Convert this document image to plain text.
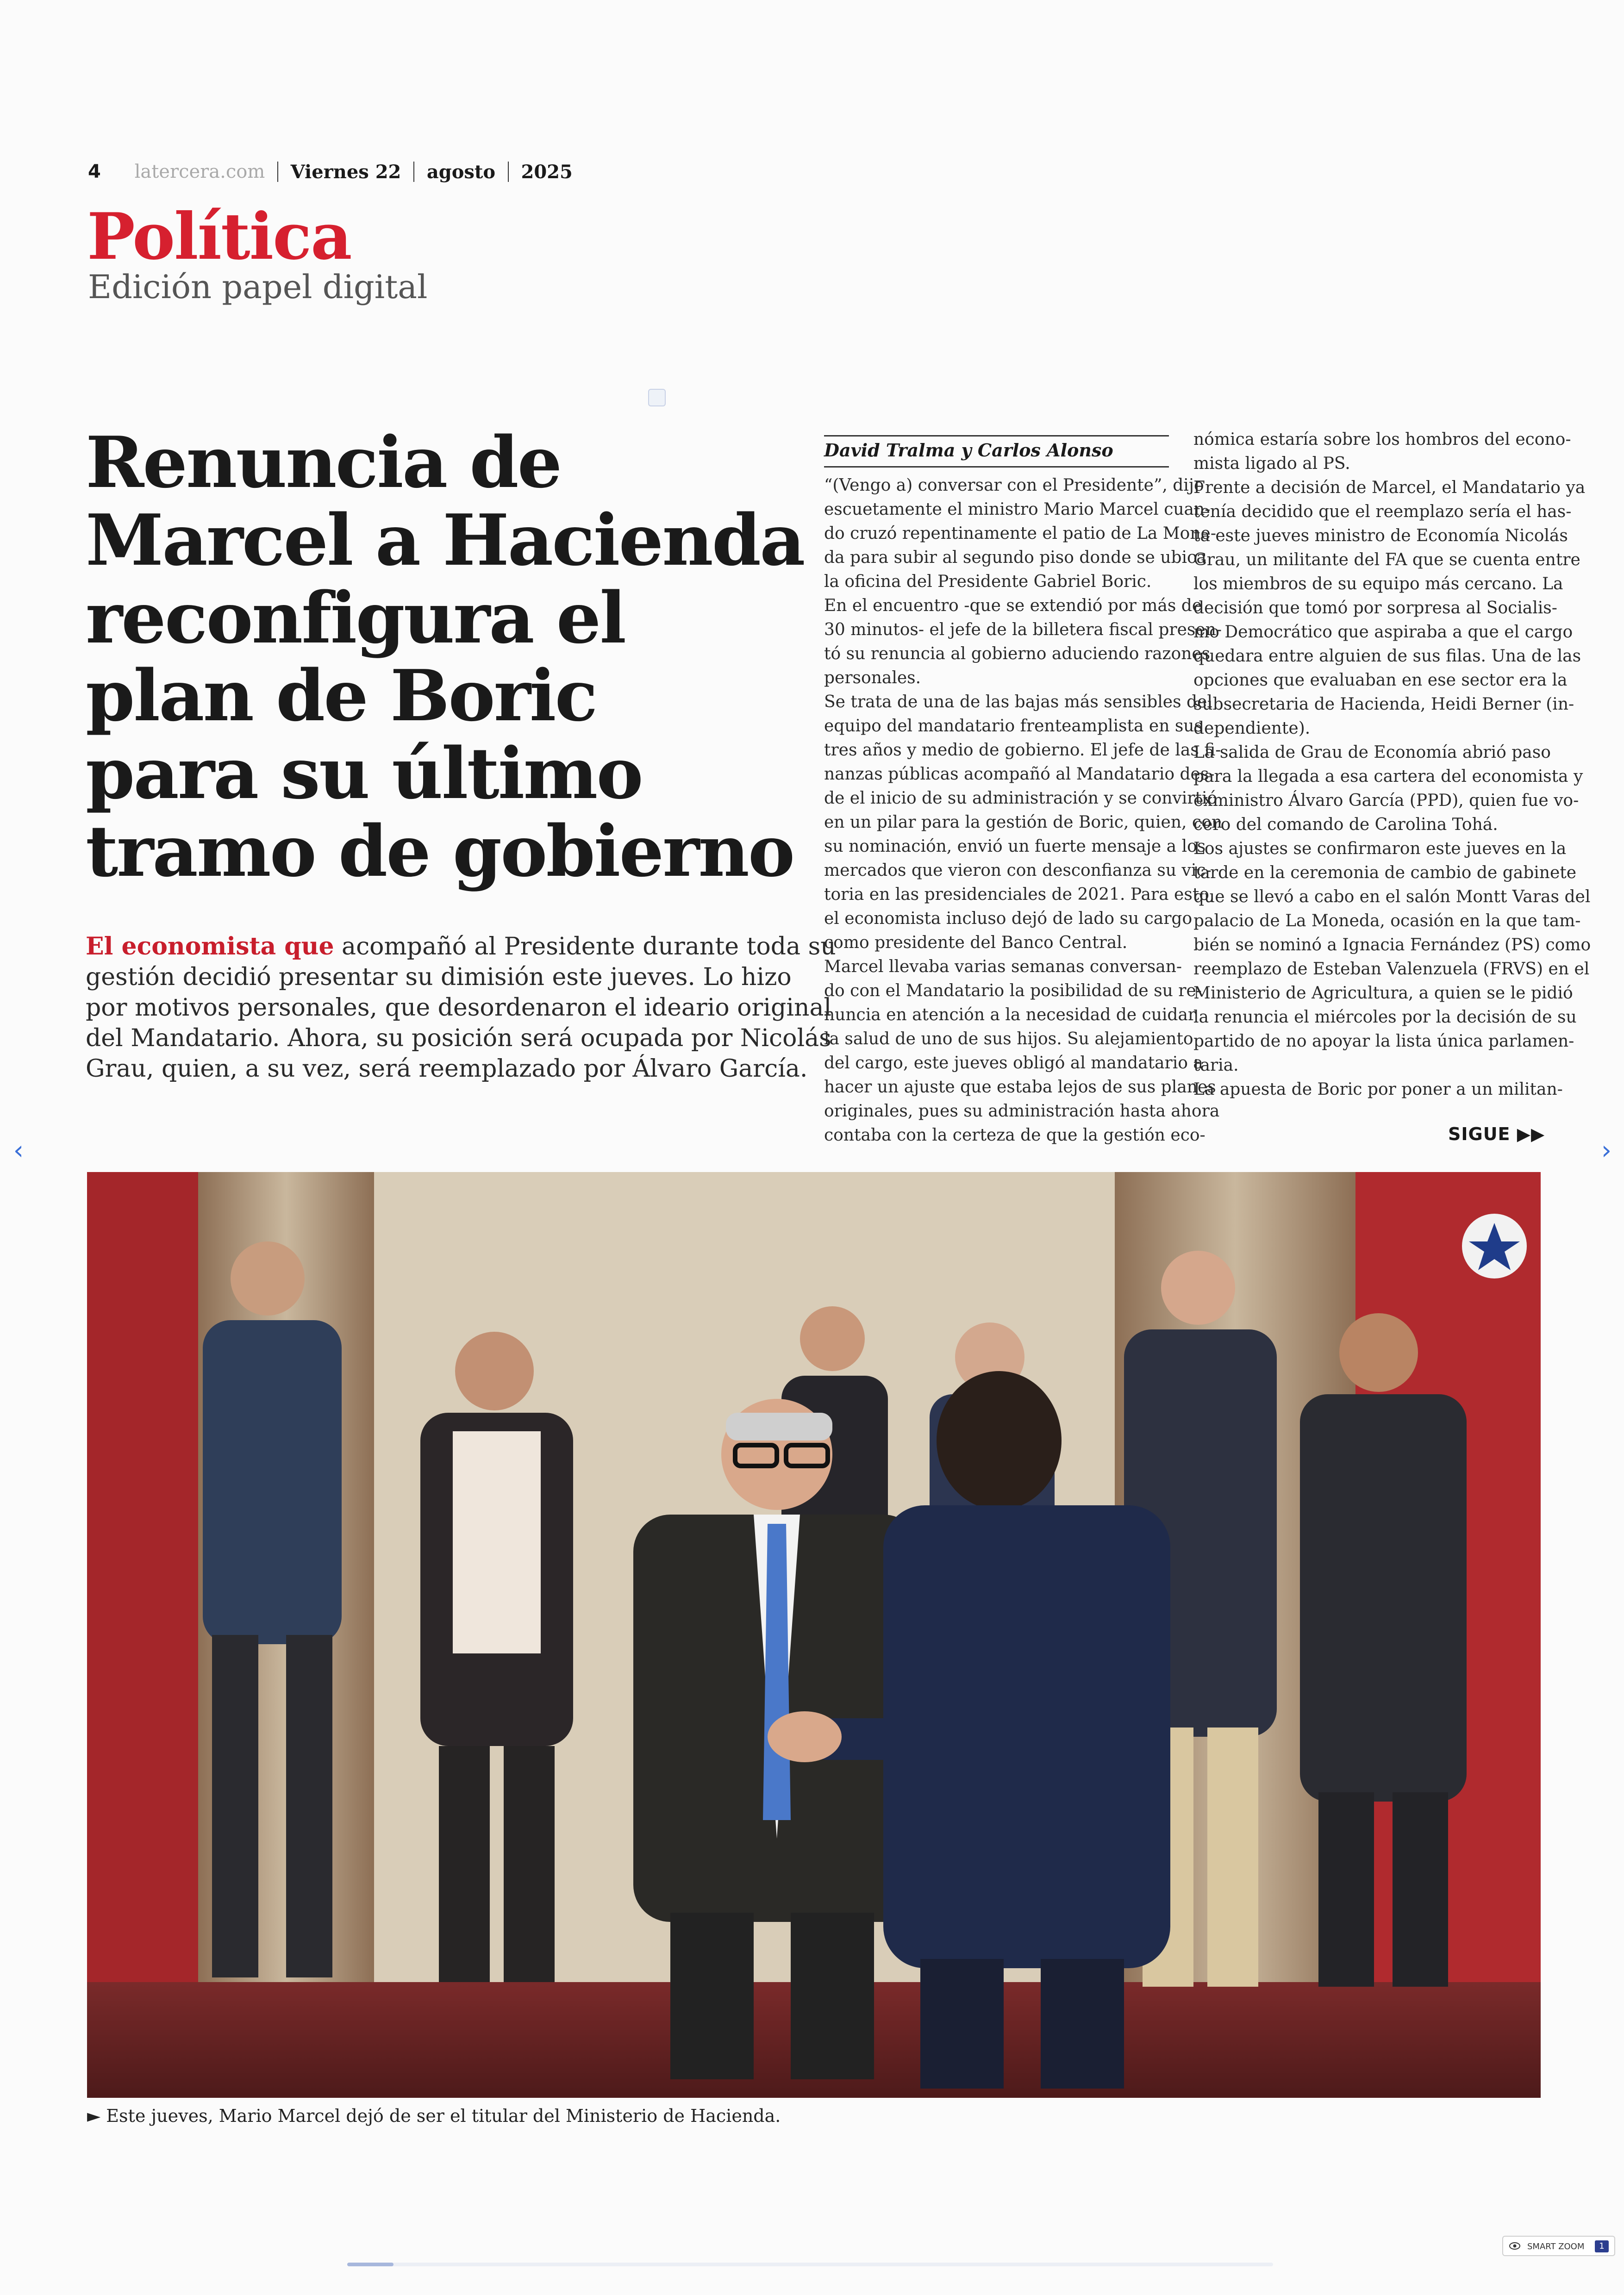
4 latercera.com Viernes 22 agosto 2025
Política
Edición papel digital
Renuncia de
Marcel a Hacienda
reconfigura el
plan de Boric
para su último
tramo de gobierno
El economista que acompañó al Presidente durante toda su
gestión decidió presentar su dimisión este jueves. Lo hizo
por motivos personales, que desordenaron el ideario original
del Mandatario. Ahora, su posición será ocupada por Nicolás
Grau, quien, a su vez, será reemplazado por Álvaro García.
David Tralma y Carlos Alonso
“(Vengo a) conversar con el Presidente”, dijo
escuetamente el ministro Mario Marcel cuan-
do cruzó repentinamente el patio de La Mone-
da para subir al segundo piso donde se ubica
la oficina del Presidente Gabriel Boric.
En el encuentro -que se extendió por más de
30 minutos- el jefe de la billetera fiscal presen-
tó su renuncia al gobierno aduciendo razones
personales.
Se trata de una de las bajas más sensibles del
equipo del mandatario frenteamplista en sus
tres años y medio de gobierno. El jefe de las fi-
nanzas públicas acompañó al Mandatario des-
de el inicio de su administración y se convirtió
en un pilar para la gestión de Boric, quien, con
su nominación, envió un fuerte mensaje a los
mercados que vieron con desconfianza su vic-
toria en las presidenciales de 2021. Para esto,
el economista incluso dejó de lado su cargo
como presidente del Banco Central.
Marcel llevaba varias semanas conversan-
do con el Mandatario la posibilidad de su re-
nuncia en atención a la necesidad de cuidar
la salud de uno de sus hijos. Su alejamiento
del cargo, este jueves obligó al mandatario a
hacer un ajuste que estaba lejos de sus planes
originales, pues su administración hasta ahora
contaba con la certeza de que la gestión eco-
nómica estaría sobre los hombros del econo-
mista ligado al PS.
Frente a decisión de Marcel, el Mandatario ya
tenía decidido que el reemplazo sería el has-
ta este jueves ministro de Economía Nicolás
Grau, un militante del FA que se cuenta entre
los miembros de su equipo más cercano. La
decisión que tomó por sorpresa al Socialis-
mo Democrático que aspiraba a que el cargo
quedara entre alguien de sus filas. Una de las
opciones que evaluaban en ese sector era la
subsecretaria de Hacienda, Heidi Berner (in-
dependiente).
La salida de Grau de Economía abrió paso
para la llegada a esa cartera del economista y
exministro Álvaro García (PPD), quien fue vo-
cero del comando de Carolina Tohá.
Los ajustes se confirmaron este jueves en la
tarde en la ceremonia de cambio de gabinete
que se llevó a cabo en el salón Montt Varas del
palacio de La Moneda, ocasión en la que tam-
bién se nominó a Ignacia Fernández (PS) como
reemplazo de Esteban Valenzuela (FRVS) en el
Ministerio de Agricultura, a quien se le pidió
la renuncia el miércoles por la decisión de su
partido de no apoyar la lista única parlamen-
taria.
La apuesta de Boric por poner a un militan-
SIGUE ▶▶
‹	›
► Este jueves, Mario Marcel dejó de ser el titular del Ministerio de Hacienda.
SMART ZOOM	1
